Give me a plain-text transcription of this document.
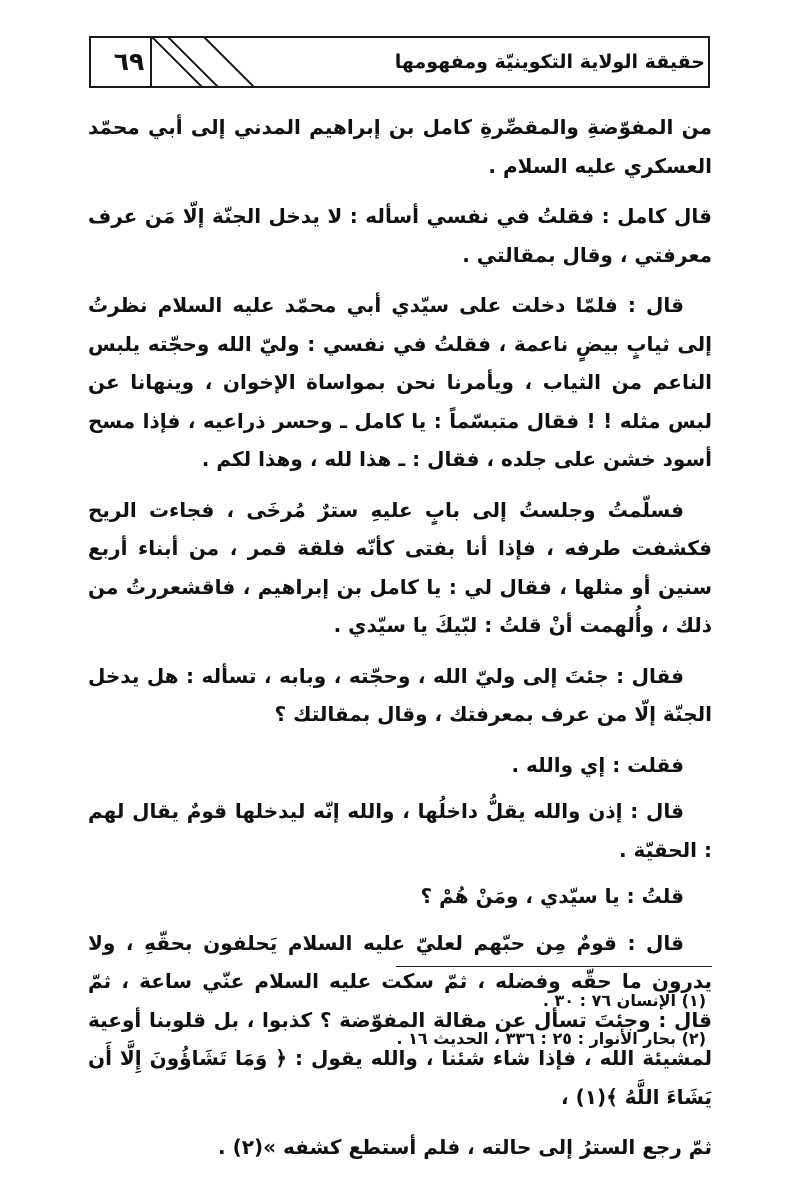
٦٩	حقيقة الولاية التكوينيّة ومفهومها

من المفوّضةِ والمقصِّرةِ كامل بن إبراهيم المدني إلى أبي محمّد العسكري عليه السلام .

قال كامل : فقلتُ في نفسي أسأله : لا يدخل الجنّة إلّا مَن عرف معرفتي ، وقال بمقالتي .

قال : فلمّا دخلت على سيّدي أبي محمّد عليه السلام نظرتُ إلى ثيابٍ بيضٍ ناعمة ، فقلتُ في نفسي : وليّ الله وحجّته يلبس الناعم من الثياب ، ويأمرنا نحن بمواساة الإخوان ، وينهانا عن لبس مثله ! ! فقال متبسّماً : يا كامل ـ وحسر ذراعيه ، فإذا مسح أسود خشن على جلده ، فقال : ـ هذا لله ، وهذا لكم .

فسلّمتُ وجلستُ إلى بابٍ عليهِ سترٌ مُرخَى ، فجاءت الريح فكشفت طرفه ، فإذا أنا بفتى كأنّه فلقة قمر ، من أبناء أربع سنين أو مثلها ، فقال لي : يا كامل بن إبراهيم ، فاقشعررتُ من ذلك ، وأُلهمت أنْ قلتُ : لبّيكَ يا سيّدي .

فقال : جئتَ إلى وليّ الله ، وحجّته ، وبابه ، تسأله : هل يدخل الجنّة إلّا من عرف بمعرفتك ، وقال بمقالتك ؟

فقلت : إي والله .

قال : إذن والله يقلُّ داخلُها ، والله إنّه ليدخلها قومٌ يقال لهم : الحقيّة .

قلتُ : يا سيّدي ، ومَنْ هُمْ ؟

قال : قومٌ مِن حبّهم لعليّ عليه السلام يَحلفون بحقّهِ ، ولا يدرون ما حقّه وفضله ، ثمّ سكت عليه السلام عنّي ساعة ، ثمّ قال : وجئتَ تسأل عن مقالة المفوّضة ؟ كذبوا ، بل قلوبنا أوعية لمشيئة الله ، فإذا شاء شئنا ، والله يقول : ﴿ وَمَا تَشَاؤُونَ إِلَّا أَن يَشَاءَ اللَّهُ ﴾(١) ،

ثمّ رجع السترُ إلى حالته ، فلم أستطع كشفه »(٢) .

(١) الإنسان ٧٦ : ٣٠ .

(٢) بحار الأنوار : ٢٥ : ٣٣٦ ، الحديث ١٦ .
